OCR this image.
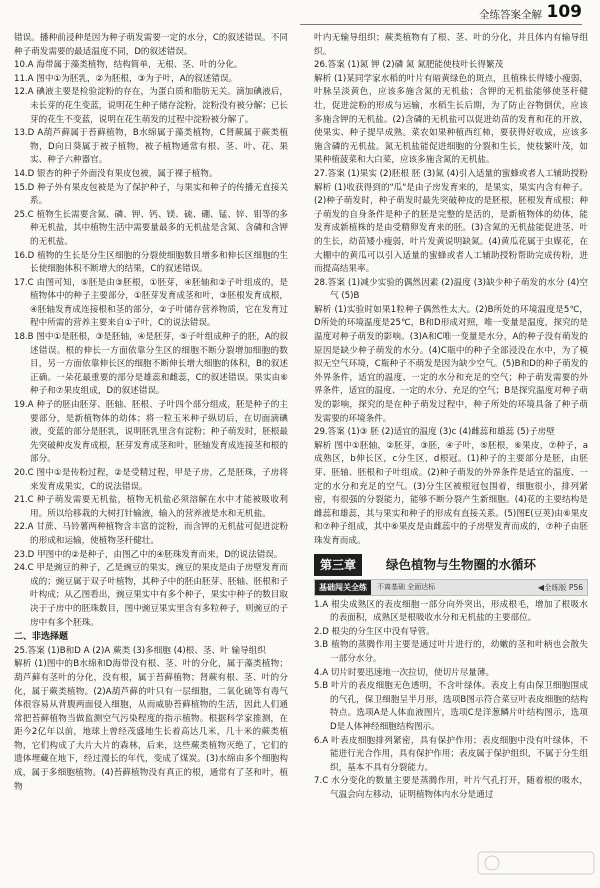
全练答案全解 109

错误。播种前浸种是因为种子萌发需要一定的水分，C的叙述错误。不同种子萌发需要的最适温度不同，D的叙述错误。

10.A 海带属于藻类植物，结构简单，无根、茎、叶的分化。

11.A 图中①为胚乳，②为胚根，③为子叶，A的叙述错误。

12.A 碘液主要是检验淀粉的存在，为蛋白质和脂肪无关。滴加碘液后，未长芽的花生变蓝，说明花生种子储存淀粉，淀粉没有被分解；已长芽的花生不变蓝，说明在花生萌发的过程中淀粉被分解了。

13.D A葫芦藓属于苔藓植物，B水绵属于藻类植物，C肾蕨属于蕨类植物，D向日葵属于被子植物，被子植物通常有根、茎、叶、花、果实、种子六种器官。

14.D 银杏的种子外面没有果皮包被，属于裸子植物。

15.D 种子外有果皮包被是为了保护种子，与果实和种子的传播无直接关系。

25.C 植物生长需要含氮、磷、钾、钙、镁、硫、硼、锰、锌、钼等的多种无机盐，其中植物生活中需要量最多的无机盐是含氮、含磷和含钾的无机盐。

16.D 植物的生长是分生区细胞的分裂使细胞数目增多和伸长区细胞的生长使细胞体积不断增大的结果，C的叙述错误。

17.C 由图可知，⑤胚是由③胚根，①胚芽，④胚轴和②子叶组成的，是植物体中的种子主要部分，①胚芽发育成茎和叶，③胚根发育成根，④胚轴发育成连接根和茎的部分，②子叶储存营养物质，它在发育过程中所需的营养主要来自①子叶，C的说法错误。

18.B 图中①是胚根，③是胚轴，④是胚芽，⑤子叶组成种子的胚，A的叙述错误。根的伸长一方面依靠分生区的细胞不断分裂增加细胞的数目，另一方面依靠伸长区的细胞不断伸长增大细胞的体积，B的叙述正确。一朵花最重要的部分是雄蕊和雌蕊，C的叙述错误。果实由⑥种子和⑦果皮组成，D的叙述错误。

19.A 种子的胚由胚芽、胚轴、胚根、子叶四个部分组成，胚是种子的主要部分，是新植物体的幼体；将一粒玉米种子纵切后，在切面滴碘液，变蓝的部分是胚乳，说明胚乳里含有淀粉；种子萌发时，胚根最先突破种皮发育成根，胚芽发育成茎和叶，胚轴发育成连接茎和根的部分。

20.C 图中①是传粉过程，②是受精过程，甲是子房，乙是胚珠，子房将来发育成果实，C的说法错误。

21.C 种子萌发需要无机盐，植物无机盐必须溶解在水中才能被吸收利用。所以给移栽的大树打针输液，输入的营养液是水和无机盐。

22.A 甘蔗、马铃薯两种植物含丰富的淀粉，而含钾的无机盐可促进淀粉的形成和运输，使植物茎秆健壮。

23.D 甲图中的②是种子，由图乙中的④胚珠发育而来，D的说法错误。

24.C 甲是豌豆的种子，乙是豌豆的果实，豌豆的果皮是由子房壁发育而成的；豌豆属于双子叶植物，其种子中的胚由胚芽、胚轴、胚根和子叶构成；从乙图看出，豌豆果实中有多个种子，果实中种子的数目取决于子房中的胚珠数目，图中豌豆果实里含有多粒种子，则豌豆的子房中有多个胚珠。

二、非选择题

25.答案 (1)B和D A (2)A 蕨类 (3)多细胞 (4)根、茎、叶 输导组织

解析 (1)图中的B水绵和D海带没有根、茎、叶的分化，属于藻类植物；葫芦藓有茎叶的分化，没有根，属于苔藓植物；肾蕨有根、茎、叶的分化，属于蕨类植物。(2)A葫芦藓的叶只有一层细胞，二氧化硫等有毒气体很容易从背腹两面侵入细胞，从而威胁苔藓植物的生活，因此人们通常把苔藓植物当做监测空气污染程度的指示植物。根据科学家推测，在距今2亿年以前，地球上曾经茂盛地生长着高达几米，几十米的蕨类植物，它们构成了大片大片的森林，后来，这些蕨类植物灭绝了，它们的遗体埋藏在地下，经过漫长的年代，变成了煤炭。(3)水绵由多个细胞构成，属于多细胞植物。(4)苔藓植物没有真正的根，通常有了茎和叶，植物

叶内无输导组织；蕨类植物有了根、茎、叶的分化，并且体内有输导组织。

26.答案 (1)氮 钾 (2)磷 氮 氮肥能使枝叶长得繁茂

解析 (1)某同学家水稻的叶片有暗黄绿色的斑点，且植株长得矮小瘦弱，叶脉呈淡黄色，应该多施含氮的无机盐；含钾的无机盐能够使茎秆健壮，促进淀粉的形成与运输，水稻生长后期，为了防止谷物倒伏，应该多施含钾的无机盐。(2)含磷的无机盐可以促进幼苗的发育和花的开放，使果实、种子提早成熟。菜农如果种植西红柿，要获得好收成，应该多施含磷的无机盐。氮无机盐能促进细胞的分裂和生长，使枝繁叶茂，如果种植菠菜和大白菜，应该多施含氮的无机盐。

27.答案 (1)果实 (2)胚根 胚 (3)氮 (4)引入适量的蜜蜂或者人工辅助授粉

解析 (1)收获得到的"瓜"是由子房发育来的，是果实，果实内含有种子。(2)种子萌发时，种子萌发时最先突破种皮的是胚根，胚根发育成根；种子萌发的自身条件是种子的胚是完整的是活的，是新植物体的幼体，能发育成新植株的是由受精卵发育来的胚。(3)含氮的无机盐能促进茎、叶的生长，幼苗矮小瘦弱，叶片发黄说明缺氮。(4)黄瓜花属于虫媒花，在大棚中的黄瓜可以引入适量的蜜蜂或者人工辅助授粉帮助完成传粉，进而提高结果率。

28.答案 (1)减少实验的偶然因素 (2)温度 (3)缺少种子萌发的水分 (4)空气 (5)B

解析 (1)实验时如果1粒种子偶然性太大。(2)B所处的环境温度是5℃，D所处的环境温度是25℃，B和D形成对照，唯一变量是温度，探究的是温度对种子萌发的影响。(3)A和C唯一变量是水分，A的种子没有萌发的原因是缺少种子萌发的水分。(4)C瓶中的种子全部浸没在水中，为了模拟无空气环境，C瓶种子不萌发是因为缺少空气。(5)B和D的种子萌发的外界条件，适宜的温度、一定的水分和充足的空气；种子萌发需要的外界条件，适宜的温度、一定的水分、充足的空气；B是探究温度对种子萌发的影响，探究的是在种子萌发过程中，种子所处的环境具备了种子萌发需要的环境条件。

29.答案 (1)③ 胚 (2)适宜的温度 (3)c (4)雌蕊和雄蕊 (5)子房壁

解析 图中①胚轴，②胚芽，③胚，④子叶，⑤胚根，⑥果皮，⑦种子，a成熟区，b伸长区，c分生区，d根冠。(1)种子的主要部分是胚，由胚芽、胚轴、胚根和子叶组成。(2)种子萌发的外界条件是适宜的温度、一定的水分和充足的空气。(3)分生区被根冠包围着，细胞很小，排列紧密，有很强的分裂能力，能够不断分裂产生新细胞。(4)花的主要结构是雌蕊和雄蕊，其与果实和种子的形成有直接关系。(5)图E(豆荚)由⑥果皮和⑦种子组成，其中⑥果皮是由雌蕊中的子房壁发育而成的，⑦种子由胚珠发育而成。

第三章	绿色植物与生物圈的水循环
基础闯关全练	不离基础 全面达标	◀全练版 P56

1.A 根尖成熟区的表皮细胞一部分向外突出，形成根毛，增加了根吸水的表面积，成熟区是根吸收水分和无机盐的主要部位。

2.D 根尖的分生区中没有导管。

3.B 植物的蒸腾作用主要是通过叶片进行的，幼嫩的茎和叶柄也会散失一部分水分。

4.A 切片时要迅速地一次拉切，使切片尽量薄。

5.B 叶片的表皮细胞无色透明，不含叶绿体。表皮上有由保卫细胞围成的气孔，保卫细胞呈半月形，选项B图示符合菜豆叶表皮细胞的结构特点。选项A是人体血液图片，选项C是洋葱鳞片叶结构图示，选项D是人体神经细胞结构图示。

6.A 叶表皮细胞排列紧密，具有保护作用；表皮细胞中没有叶绿体，不能进行光合作用，具有保护作用；表皮属于保护组织，不属于分生组织，基本不具有分裂能力。

7.C 水分变化的数量主要是蒸腾作用，叶片气孔打开，随着根的吸水，气温会向左移动，证明植物体内水分是通过
